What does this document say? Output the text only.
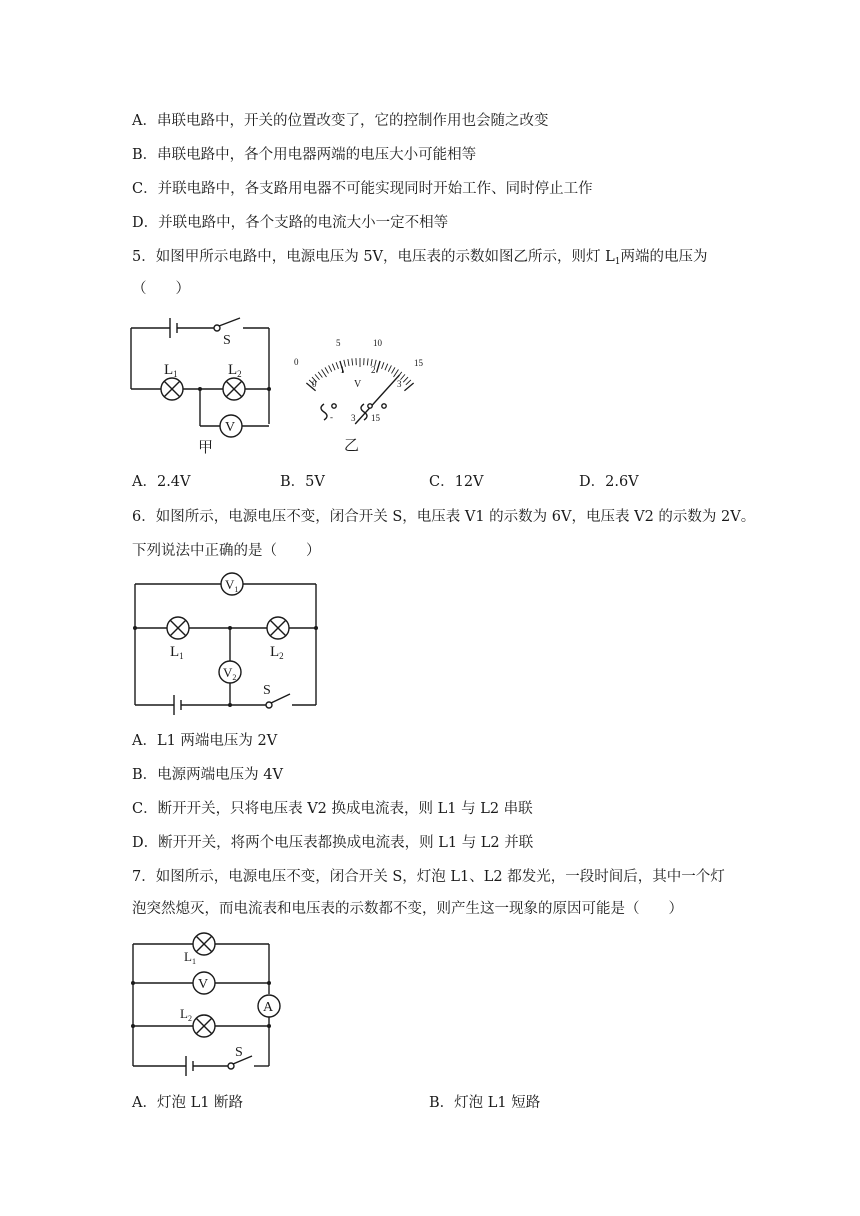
A．串联电路中，开关的位置改变了，它的控制作用也会随之改变
B．串联电路中，各个用电器两端的电压大小可能相等
C．并联电路中，各支路用电器不可能实现同时开始工作、同时停止工作
D．并联电路中，各个支路的电流大小一定不相等
5．如图甲所示电路中，电源电压为 5V，电压表的示数如图乙所示，则灯 $L_1$两端的电压为
（　　）
S
$L_1$	$L_2$
V
甲
0
5	10
15
0
1	2
3
V
- 3 15
乙
A．2.4V	B．5V	C．12V	D．2.6V
6．如图所示，电源电压不变，闭合开关 S，电压表 V1 的示数为 6V，电压表 V2 的示数为 2V。
下列说法中正确的是（　　）
$V_1$
$L_1$	$L_2$
$V_2$
S
A．L1 两端电压为 2V
B．电源两端电压为 4V
C．断开开关，只将电压表 V2 换成电流表，则 L1 与 L2 串联
D．断开开关，将两个电压表都换成电流表，则 L1 与 L2 并联
7．如图所示，电源电压不变，闭合开关 S，灯泡 L1、L2 都发光，一段时间后，其中一个灯
泡突然熄灭，而电流表和电压表的示数都不变，则产生这一现象的原因可能是（　　）
$L_1$
V
A
$L_2$
S
A．灯泡 L1 断路	B．灯泡 L1 短路
